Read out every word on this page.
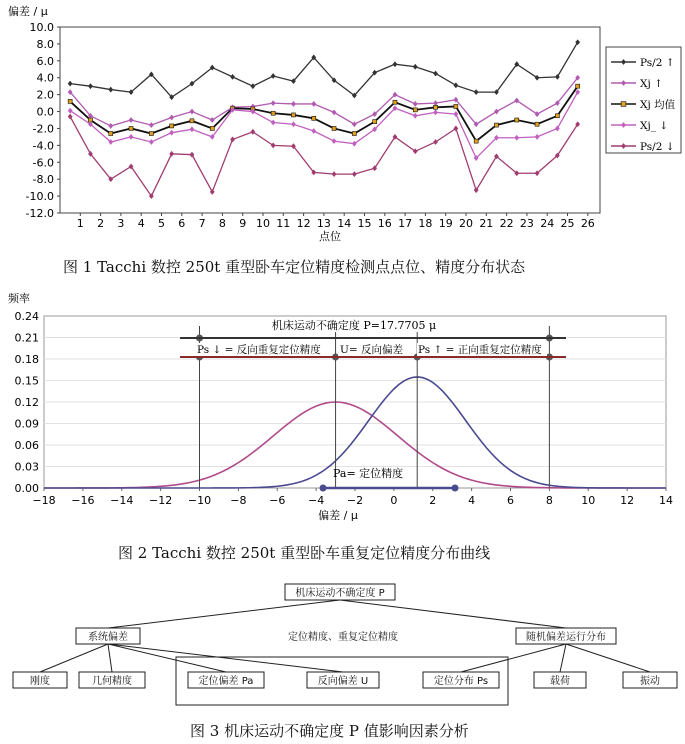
偏差 / μ
10.0
8.0
6.0
4.0
2.0
0.0
-2.0
-4.0
-6.0
-8.0
-10.0
-12.0
1 2 3 4 5 6 7 8 9 10 11 12 13 14 15 16 17 18 19 20 21 22 23 24 25 26
点位
Ps/2 ↑
Xj ↑
Xj 均值
Xj_ ↓
Ps/2 ↓
图 1 Tacchi 数控 250t 重型卧车定位精度检测点点位、精度分布状态
频率
0.24
0.21
0.18
0.15
0.12
0.09
0.06
0.03
0.00
−18 −16 −14 −12 −10 −8 −6 −4 −2 0	2	4	6	8	10 12 14
机床运动不确定度 P=17.7705 μ
Ps ↓ = 反向重复定位精度 U= 反向偏差 Ps ↑ = 正向重复定位精度
Pa= 定位精度
偏差 / μ
图 2 Tacchi 数控 250t 重型卧车重复定位精度分布曲线
机床运动不确定度 P
系统偏差	定位精度、重复定位精度	随机偏差运行分布
刚度	几何精度	定位偏差 Pa	反向偏差 U	定位分布 Ps	载荷	振动
图 3 机床运动不确定度 P 值影响因素分析
